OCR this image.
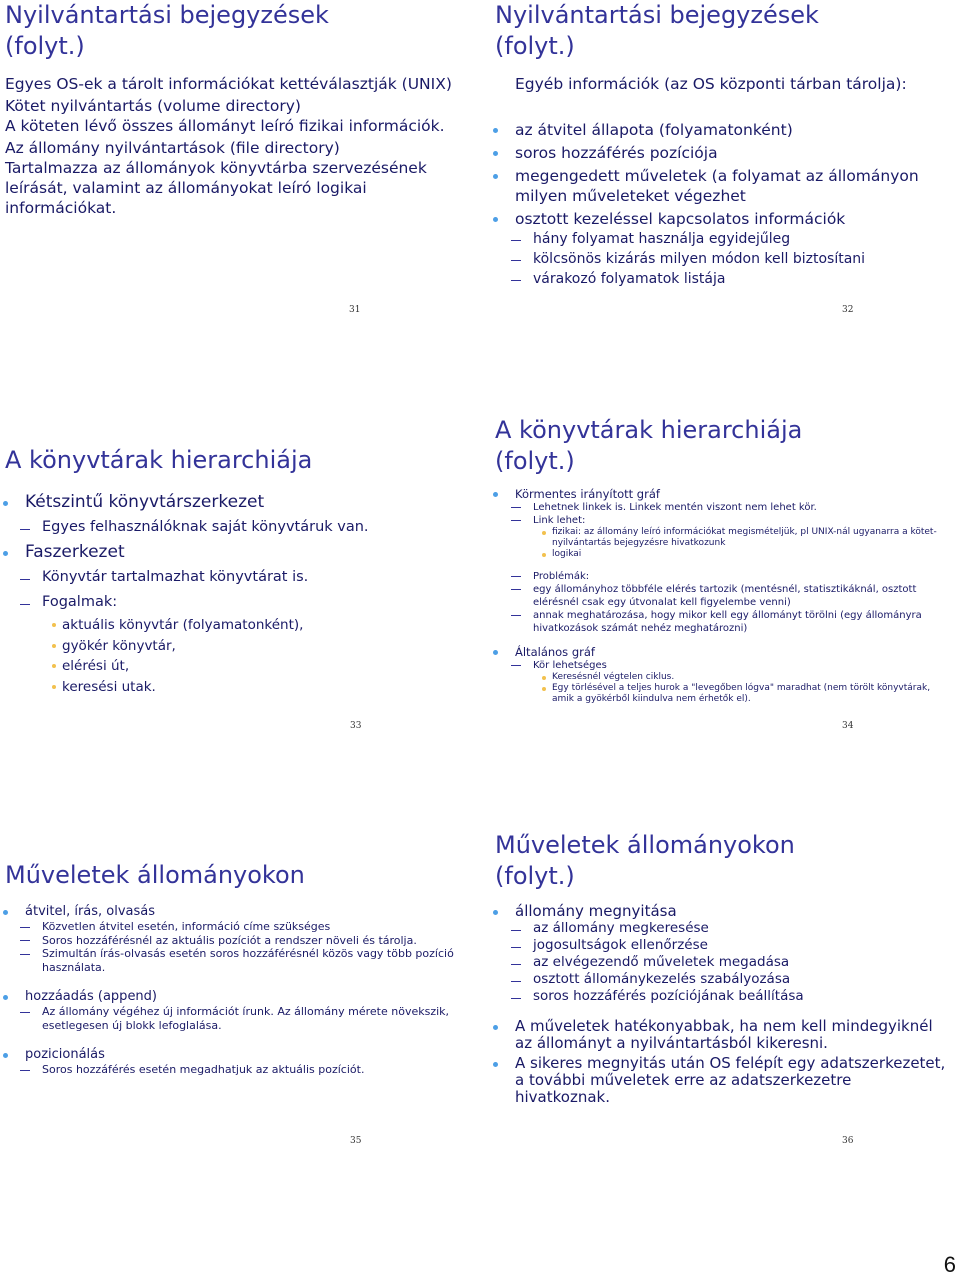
Nyilvántartási bejegyzések
(folyt.)
Egyes OS-ek a tárolt információkat kettéválasztják (UNIX)
Kötet nyilvántartás (volume directory)
A köteten lévő összes állományt leíró fizikai információk.
Az állomány nyilvántartások (file directory)
Tartalmazza az állományok könyvtárba szervezésének leírását, valamint az állományokat leíró logikai információkat.
31
Nyilvántartási bejegyzések
(folyt.)
Egyéb információk (az OS központi tárban tárolja):
az átvitel állapota (folyamatonként)
soros hozzáférés pozíciója
megengedett műveletek (a folyamat az állományon milyen műveleteket végezhet
osztott kezeléssel kapcsolatos információk
hány folyamat használja egyidejűleg
kölcsönös kizárás milyen módon kell biztosítani
várakozó folyamatok listája
32
A könyvtárak hierarchiája
Kétszintű könyvtárszerkezet
Egyes felhasználóknak saját könyvtáruk van.
Faszerkezet
Könyvtár tartalmazhat könyvtárat is.
Fogalmak:
aktuális könyvtár (folyamatonként),
gyökér könyvtár,
elérési út,
keresési utak.
33
A könyvtárak hierarchiája
(folyt.)
Körmentes irányított gráf
Lehetnek linkek is. Linkek mentén viszont nem lehet kör.
Link lehet:
fizikai: az állomány leíró információkat megismételjük, pl UNIX-nál ugyanarra a kötet-nyilvántartás bejegyzésre hivatkozunk
logikai
Problémák:
egy állományhoz többféle elérés tartozik (mentésnél, statisztikáknál, osztott elérésnél csak egy útvonalat kell figyelembe venni)
annak meghatározása, hogy mikor kell egy állományt törölni (egy állományra hivatkozások számát nehéz meghatározni)
Általános gráf
Kör lehetséges
Keresésnél végtelen ciklus.
Egy törlésével a teljes hurok a "levegőben lógva" maradhat (nem törölt könyvtárak, amik a gyökérből kiindulva nem érhetők el).
34
Műveletek állományokon
átvitel, írás, olvasás
Közvetlen átvitel esetén, információ címe szükséges
Soros hozzáférésnél az aktuális pozíciót a rendszer növeli és tárolja.
Szimultán írás-olvasás esetén soros hozzáférésnél közös vagy több pozíció használata.
hozzáadás (append)
Az állomány végéhez új információt írunk. Az állomány mérete növekszik, esetlegesen új blokk lefoglalása.
pozicionálás
Soros hozzáférés esetén megadhatjuk az aktuális pozíciót.
35
Műveletek állományokon
(folyt.)
állomány megnyitása
az állomány megkeresése
jogosultságok ellenőrzése
az elvégezendő műveletek megadása
osztott állománykezelés szabályozása
soros hozzáférés pozíciójának beállítása
A műveletek hatékonyabbak, ha nem kell mindegyiknél az állományt a nyilvántartásból kikeresni.
A sikeres megnyitás után OS felépít egy adatszerkezetet, a további műveletek erre az adatszerkezetre hivatkoznak.
36
6
